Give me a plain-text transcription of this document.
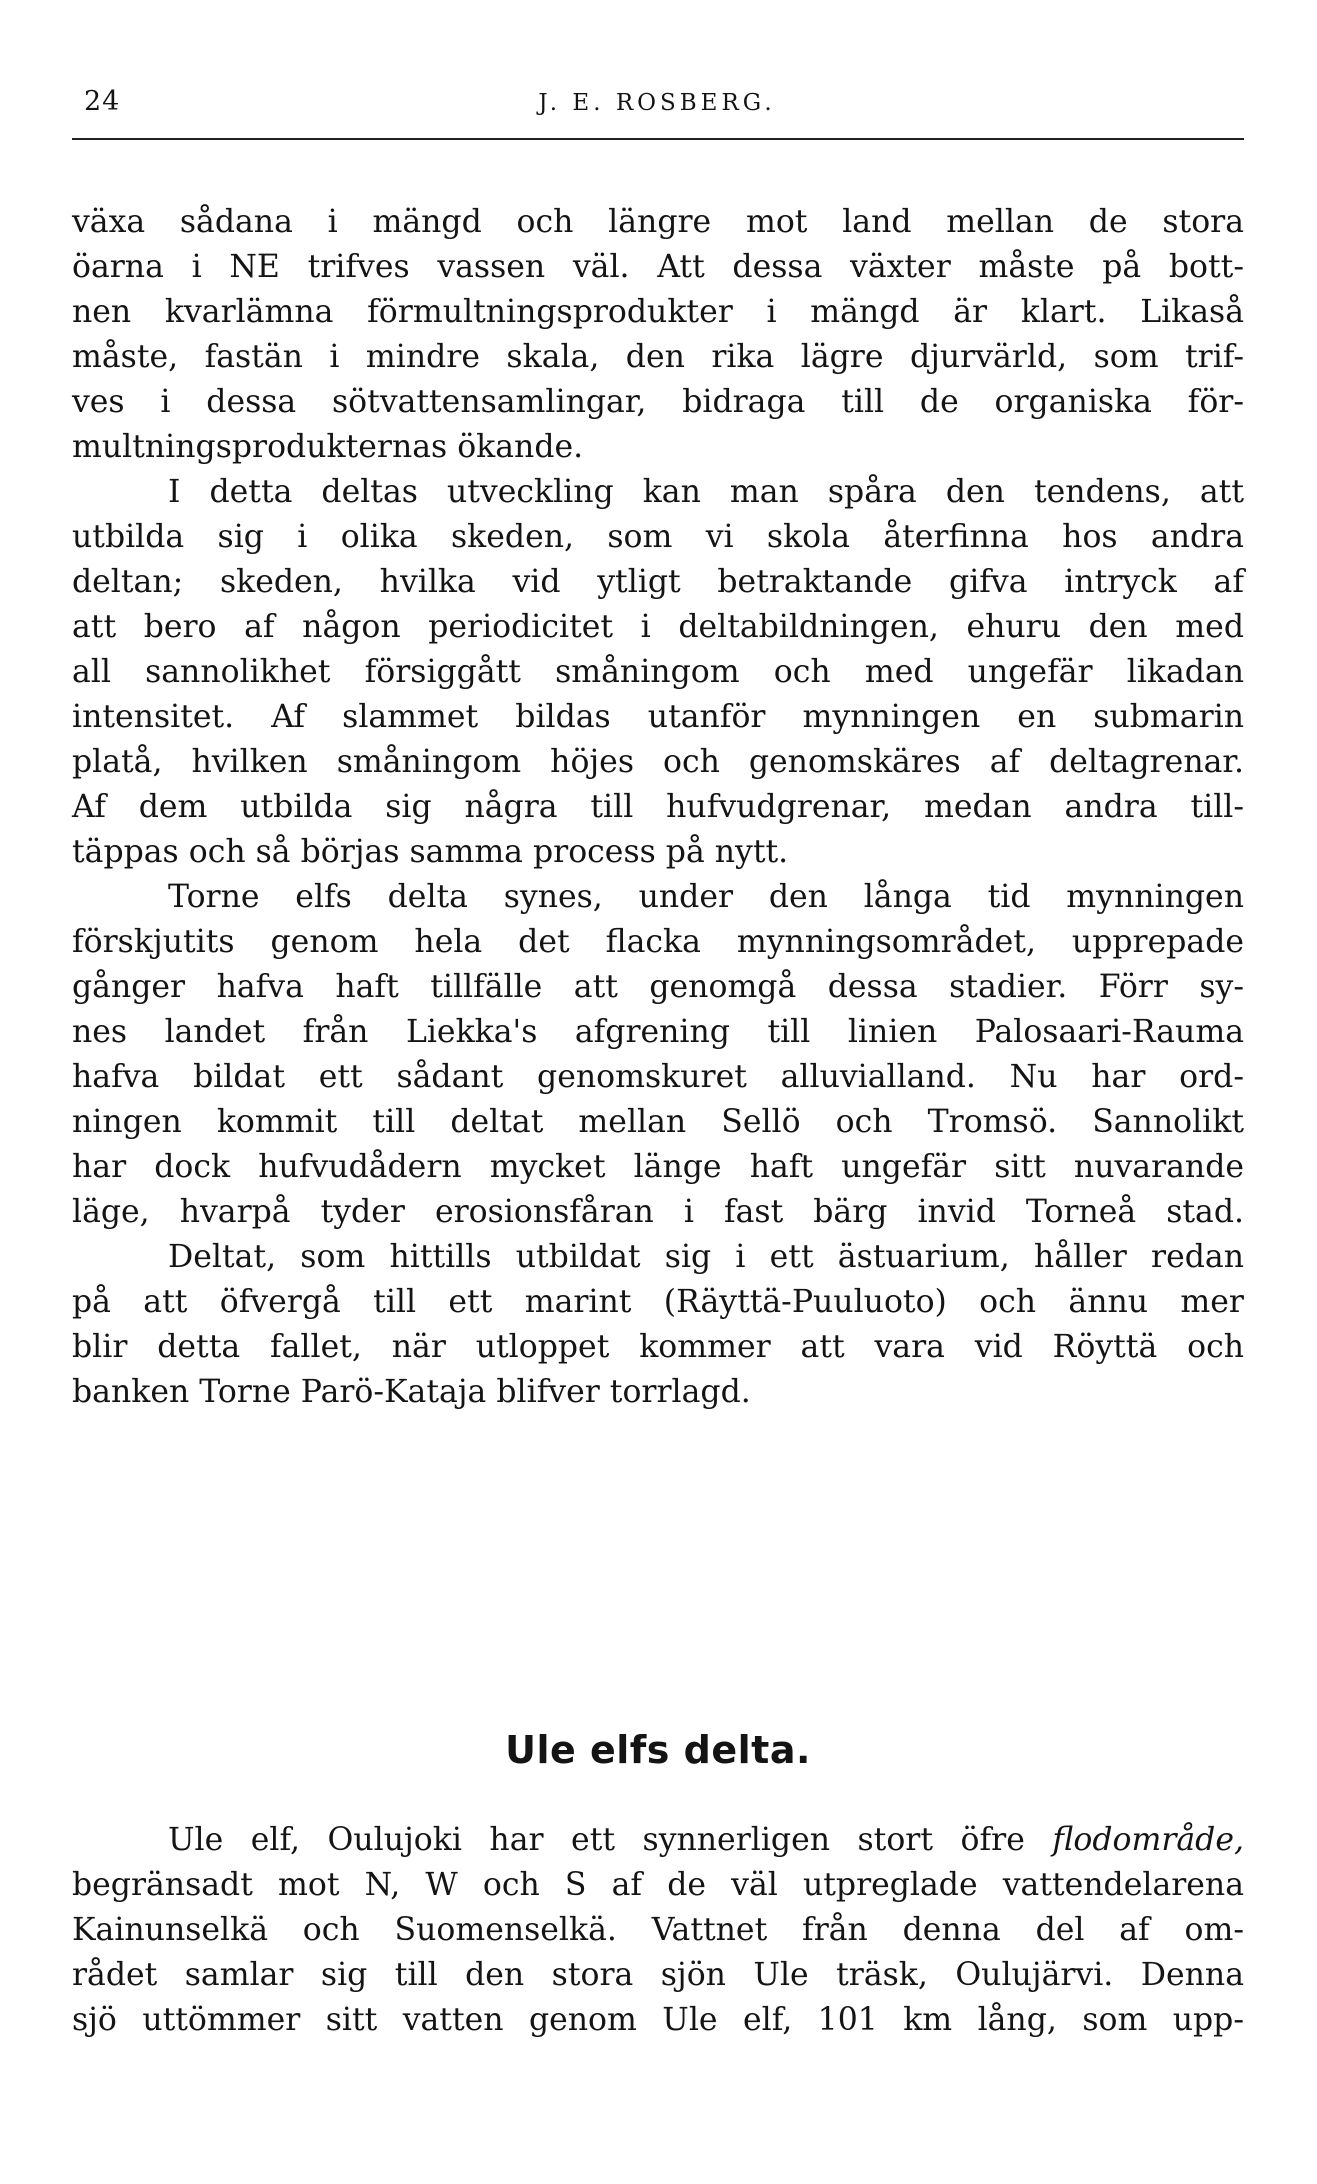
24	J. E. ROSBERG.
växa sådana i mängd och längre mot land mellan de stora
öarna i NE trifves vassen väl. Att dessa växter måste på bott-
nen kvarlämna förmultningsprodukter i mängd är klart. Likaså
måste, fastän i mindre skala, den rika lägre djurvärld, som trif-
ves i dessa sötvattensamlingar, bidraga till de organiska för-
multningsprodukternas ökande.
I detta deltas utveckling kan man spåra den tendens, att
utbilda sig i olika skeden, som vi skola återfinna hos andra
deltan; skeden, hvilka vid ytligt betraktande gifva intryck af
att bero af någon periodicitet i deltabildningen, ehuru den med
all sannolikhet försiggått småningom och med ungefär likadan
intensitet. Af slammet bildas utanför mynningen en submarin
platå, hvilken småningom höjes och genomskäres af deltagrenar.
Af dem utbilda sig några till hufvudgrenar, medan andra till-
täppas och så börjas samma process på nytt.
Torne elfs delta synes, under den långa tid mynningen
förskjutits genom hela det flacka mynningsområdet, upprepade
gånger hafva haft tillfälle att genomgå dessa stadier. Förr sy-
nes landet från Liekka's afgrening till linien Palosaari-Rauma
hafva bildat ett sådant genomskuret alluvialland. Nu har ord-
ningen kommit till deltat mellan Sellö och Tromsö. Sannolikt
har dock hufvudådern mycket länge haft ungefär sitt nuvarande
läge, hvarpå tyder erosionsfåran i fast bärg invid Torneå stad.
Deltat, som hittills utbildat sig i ett ästuarium, håller redan
på att öfvergå till ett marint (Räyttä-Puuluoto) och ännu mer
blir detta fallet, när utloppet kommer att vara vid Röyttä och
banken Torne Parö-Kataja blifver torrlagd.
Ule elfs delta.
Ule elf, Oulujoki har ett synnerligen stort öfre flodområde,
begränsadt mot N, W och S af de väl utpreglade vattendelarena
Kainunselkä och Suomenselkä. Vattnet från denna del af om-
rådet samlar sig till den stora sjön Ule träsk, Oulujärvi. Denna
sjö uttömmer sitt vatten genom Ule elf, 101 km lång, som upp-
